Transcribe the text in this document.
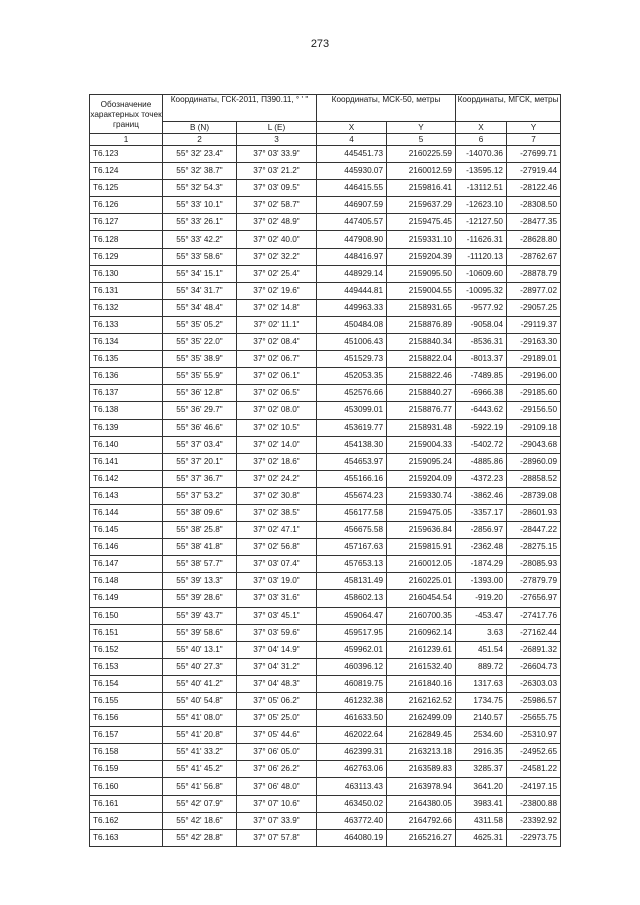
273
Обозначение характерных точек границ	Координаты, ГСК-2011, П390.11, ° ' "		Координаты, МСК-50, метры		Координаты, МГСК, метры	
	B (N)	L (E)	X	Y	X	Y
1	2	3	4	5	6	7
Т6.123	55° 32' 23.4"	37° 03' 33.9"	445451.73	2160225.59	-14070.36	-27699.71
Т6.124	55° 32' 38.7"	37° 03' 21.2"	445930.07	2160012.59	-13595.12	-27919.44
Т6.125	55° 32' 54.3"	37° 03' 09.5"	446415.55	2159816.41	-13112.51	-28122.46
Т6.126	55° 33' 10.1"	37° 02' 58.7"	446907.59	2159637.29	-12623.10	-28308.50
Т6.127	55° 33' 26.1"	37° 02' 48.9"	447405.57	2159475.45	-12127.50	-28477.35
Т6.128	55° 33' 42.2"	37° 02' 40.0"	447908.90	2159331.10	-11626.31	-28628.80
Т6.129	55° 33' 58.6"	37° 02' 32.2"	448416.97	2159204.39	-11120.13	-28762.67
Т6.130	55° 34' 15.1"	37° 02' 25.4"	448929.14	2159095.50	-10609.60	-28878.79
Т6.131	55° 34' 31.7"	37° 02' 19.6"	449444.81	2159004.55	-10095.32	-28977.02
Т6.132	55° 34' 48.4"	37° 02' 14.8"	449963.33	2158931.65	-9577.92	-29057.25
Т6.133	55° 35' 05.2"	37° 02' 11.1"	450484.08	2158876.89	-9058.04	-29119.37
Т6.134	55° 35' 22.0"	37° 02' 08.4"	451006.43	2158840.34	-8536.31	-29163.30
Т6.135	55° 35' 38.9"	37° 02' 06.7"	451529.73	2158822.04	-8013.37	-29189.01
Т6.136	55° 35' 55.9"	37° 02' 06.1"	452053.35	2158822.46	-7489.85	-29196.00
Т6.137	55° 36' 12.8"	37° 02' 06.5"	452576.66	2158840.27	-6966.38	-29185.60
Т6.138	55° 36' 29.7"	37° 02' 08.0"	453099.01	2158876.77	-6443.62	-29156.50
Т6.139	55° 36' 46.6"	37° 02' 10.5"	453619.77	2158931.48	-5922.19	-29109.18
Т6.140	55° 37' 03.4"	37° 02' 14.0"	454138.30	2159004.33	-5402.72	-29043.68
Т6.141	55° 37' 20.1"	37° 02' 18.6"	454653.97	2159095.24	-4885.86	-28960.09
Т6.142	55° 37' 36.7"	37° 02' 24.2"	455166.16	2159204.09	-4372.23	-28858.52
Т6.143	55° 37' 53.2"	37° 02' 30.8"	455674.23	2159330.74	-3862.46	-28739.08
Т6.144	55° 38' 09.6"	37° 02' 38.5"	456177.58	2159475.05	-3357.17	-28601.93
Т6.145	55° 38' 25.8"	37° 02' 47.1"	456675.58	2159636.84	-2856.97	-28447.22
Т6.146	55° 38' 41.8"	37° 02' 56.8"	457167.63	2159815.91	-2362.48	-28275.15
Т6.147	55° 38' 57.7"	37° 03' 07.4"	457653.13	2160012.05	-1874.29	-28085.93
Т6.148	55° 39' 13.3"	37° 03' 19.0"	458131.49	2160225.01	-1393.00	-27879.79
Т6.149	55° 39' 28.6"	37° 03' 31.6"	458602.13	2160454.54	-919.20	-27656.97
Т6.150	55° 39' 43.7"	37° 03' 45.1"	459064.47	2160700.35	-453.47	-27417.76
Т6.151	55° 39' 58.6"	37° 03' 59.6"	459517.95	2160962.14	3.63	-27162.44
Т6.152	55° 40' 13.1"	37° 04' 14.9"	459962.01	2161239.61	451.54	-26891.32
Т6.153	55° 40' 27.3"	37° 04' 31.2"	460396.12	2161532.40	889.72	-26604.73
Т6.154	55° 40' 41.2"	37° 04' 48.3"	460819.75	2161840.16	1317.63	-26303.03
Т6.155	55° 40' 54.8"	37° 05' 06.2"	461232.38	2162162.52	1734.75	-25986.57
Т6.156	55° 41' 08.0"	37° 05' 25.0"	461633.50	2162499.09	2140.57	-25655.75
Т6.157	55° 41' 20.8"	37° 05' 44.6"	462022.64	2162849.45	2534.60	-25310.97
Т6.158	55° 41' 33.2"	37° 06' 05.0"	462399.31	2163213.18	2916.35	-24952.65
Т6.159	55° 41' 45.2"	37° 06' 26.2"	462763.06	2163589.83	3285.37	-24581.22
Т6.160	55° 41' 56.8"	37° 06' 48.0"	463113.43	2163978.94	3641.20	-24197.15
Т6.161	55° 42' 07.9"	37° 07' 10.6"	463450.02	2164380.05	3983.41	-23800.88
Т6.162	55° 42' 18.6"	37° 07' 33.9"	463772.40	2164792.66	4311.58	-23392.92
Т6.163	55° 42' 28.8"	37° 07' 57.8"	464080.19	2165216.27	4625.31	-22973.75
